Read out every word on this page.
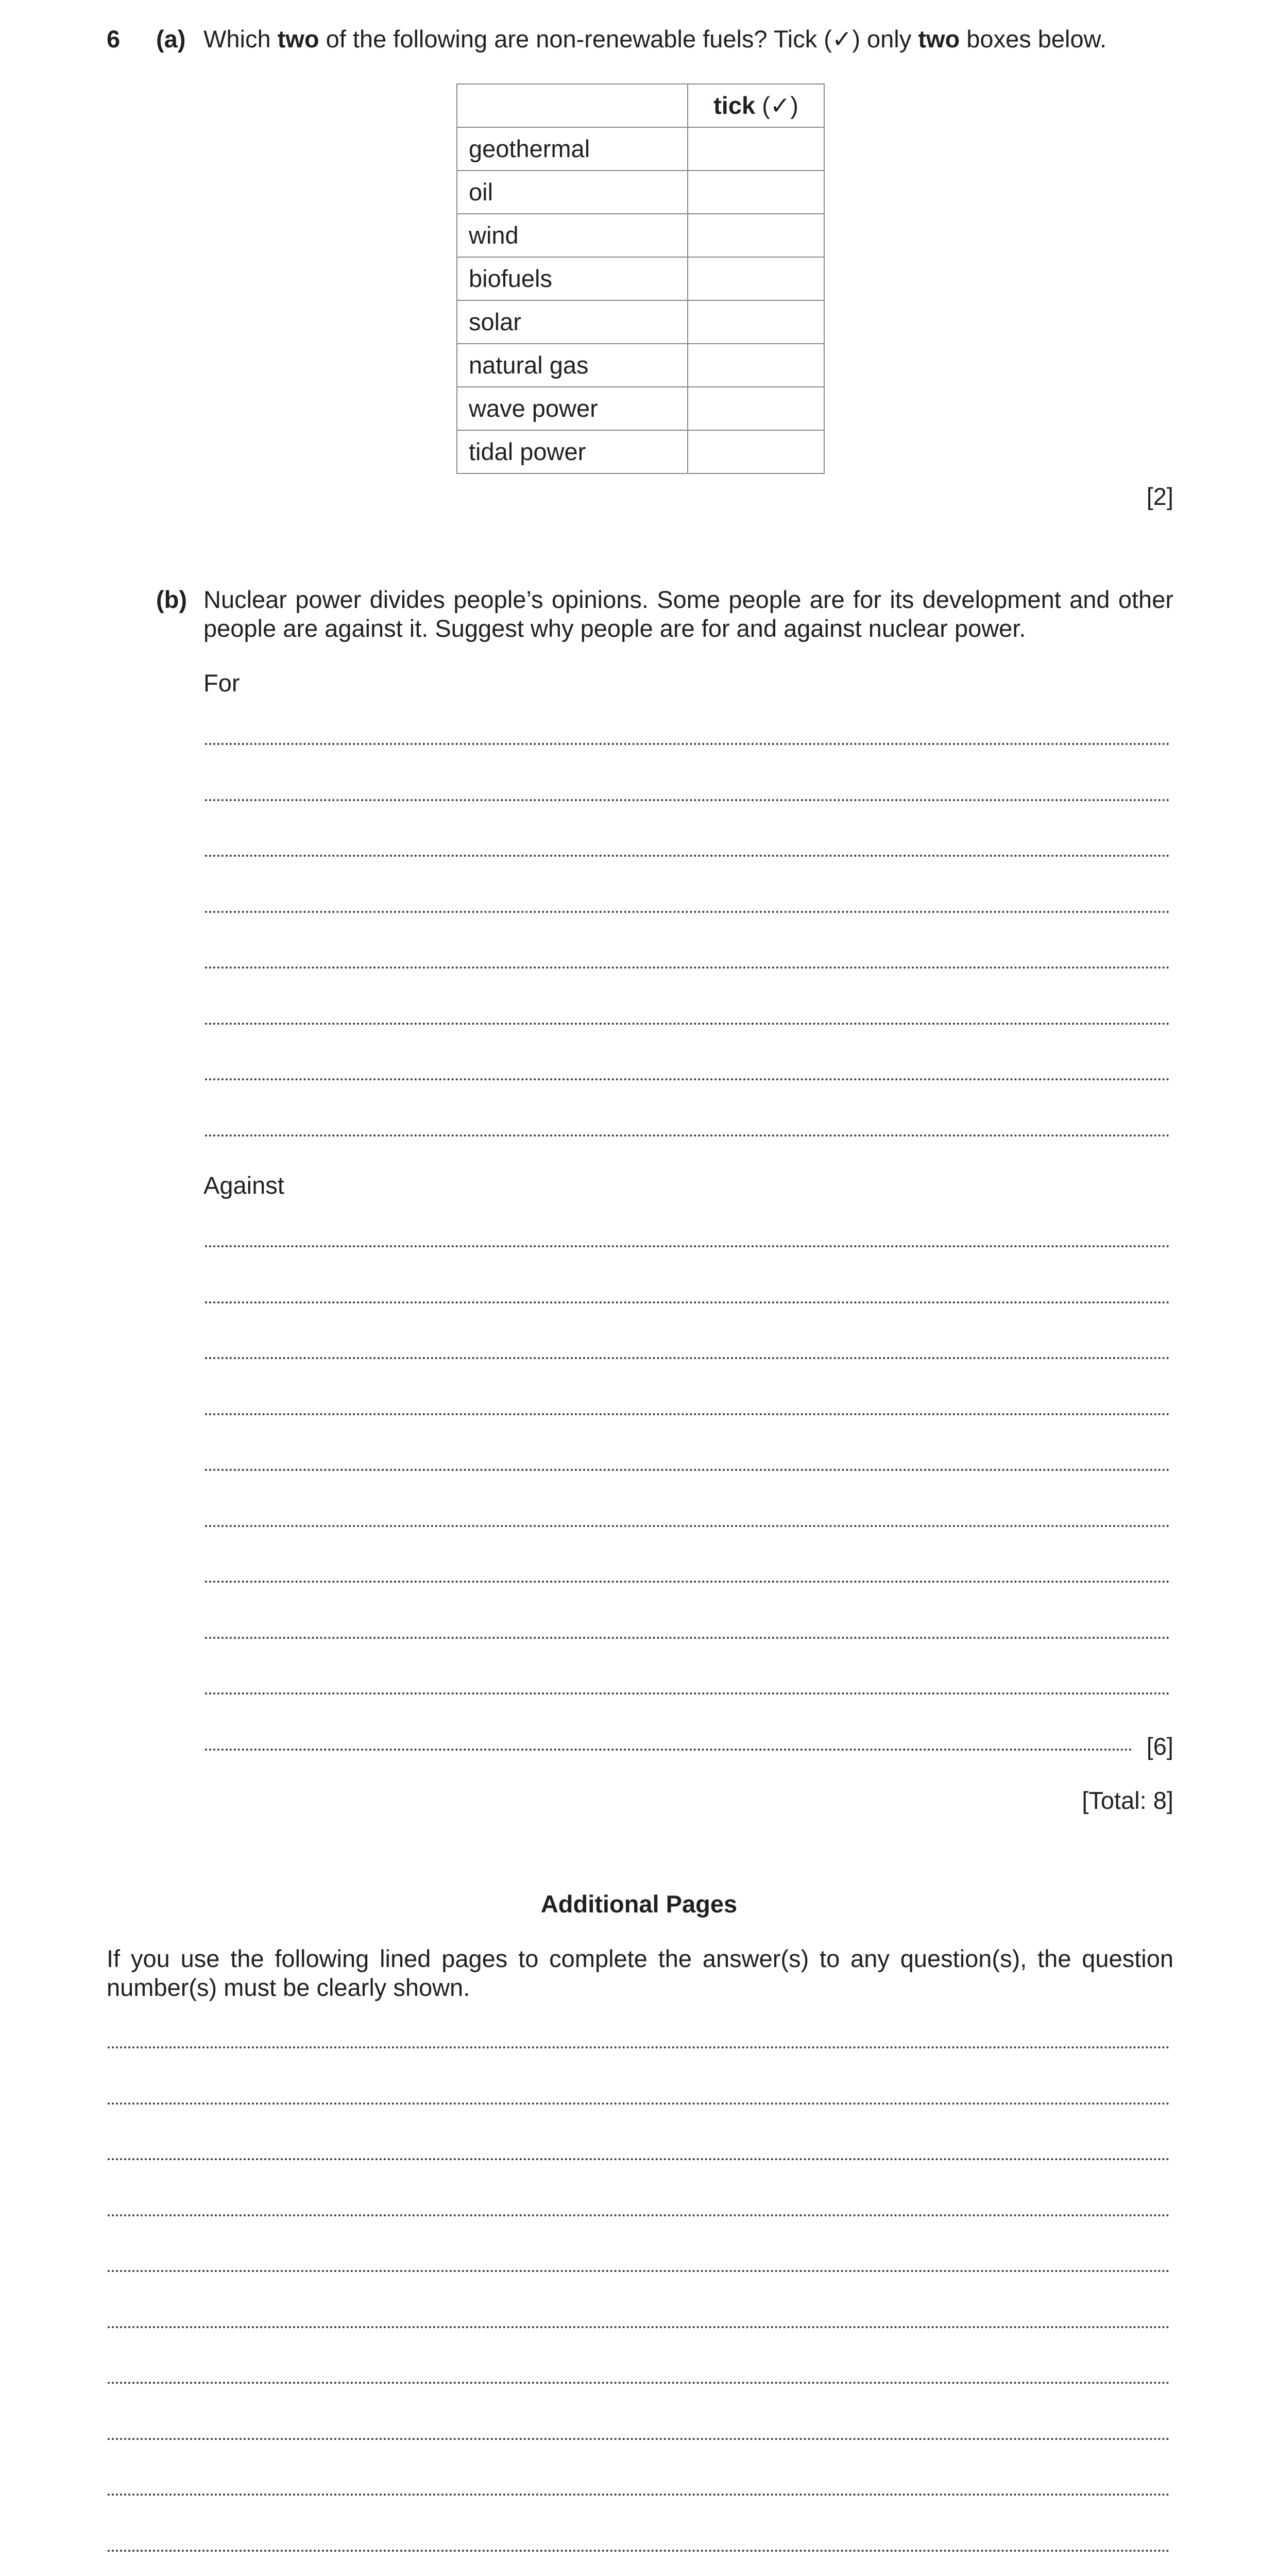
6 (a) Which two of the following are non-renewable fuels? Tick (✓) only two boxes below.
	tick (✓)
geothermal	
oil	
wind	
biofuels	
solar	
natural gas	
wave power	
tidal power	
[2]
(b) Nuclear power divides people’s opinions. Some people are for its development and other people are against it. Suggest why people are for and against nuclear power.
For
Against
[6]
[Total: 8]
Additional Pages
If you use the following lined pages to complete the answer(s) to any question(s), the question number(s) must be clearly shown.
